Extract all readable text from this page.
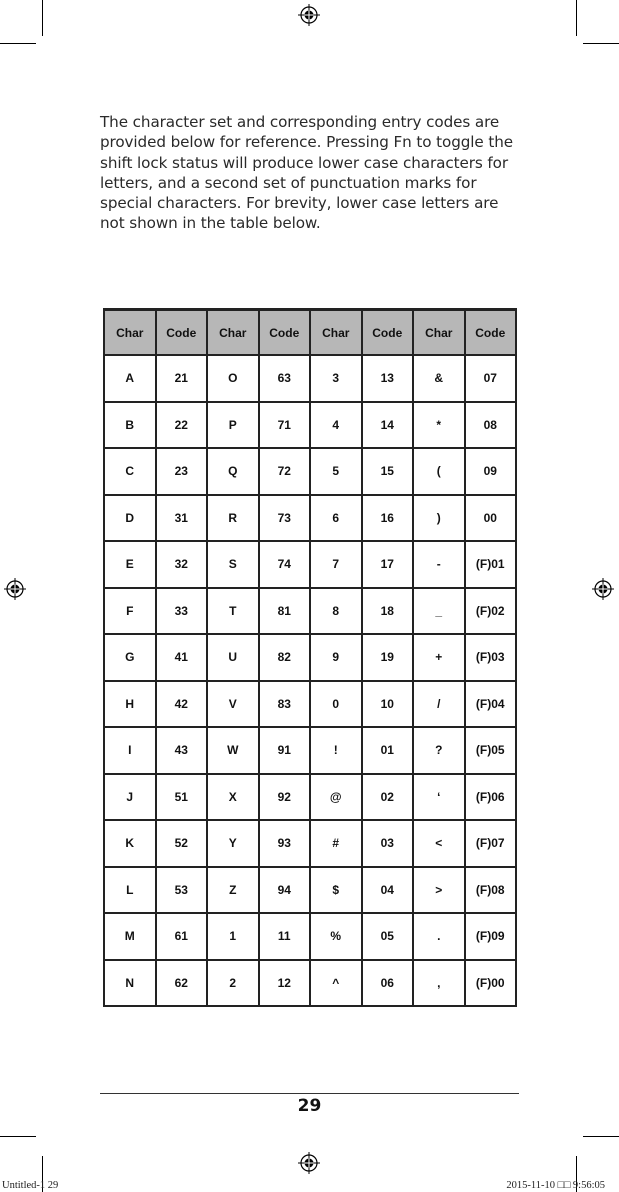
The character set and corresponding entry codes are provided below for reference. Pressing Fn to toggle the shift lock status will produce lower case characters for letters, and a second set of punctuation marks for special characters. For brevity, lower case letters are not shown in the table below.

Char	Code	Char	Code	Char	Code	Char	Code
A	21	O	63	3	13	&	07
B	22	P	71	4	14	*	08
C	23	Q	72	5	15	(	09
D	31	R	73	6	16	)	00
E	32	S	74	7	17	-	(F)01
F	33	T	81	8	18	_	(F)02
G	41	U	82	9	19	+	(F)03
H	42	V	83	0	10	/	(F)04
I	43	W	91	!	01	?	(F)05
J	51	X	92	@	02	‘	(F)06
K	52	Y	93	#	03	<	(F)07
L	53	Z	94	$	04	>	(F)08
M	61	1	11	%	05	.	(F)09
N	62	2	12	^	06	,	(F)00
29
Untitled-1 29	2015-11-10 □□ 9:56:05
